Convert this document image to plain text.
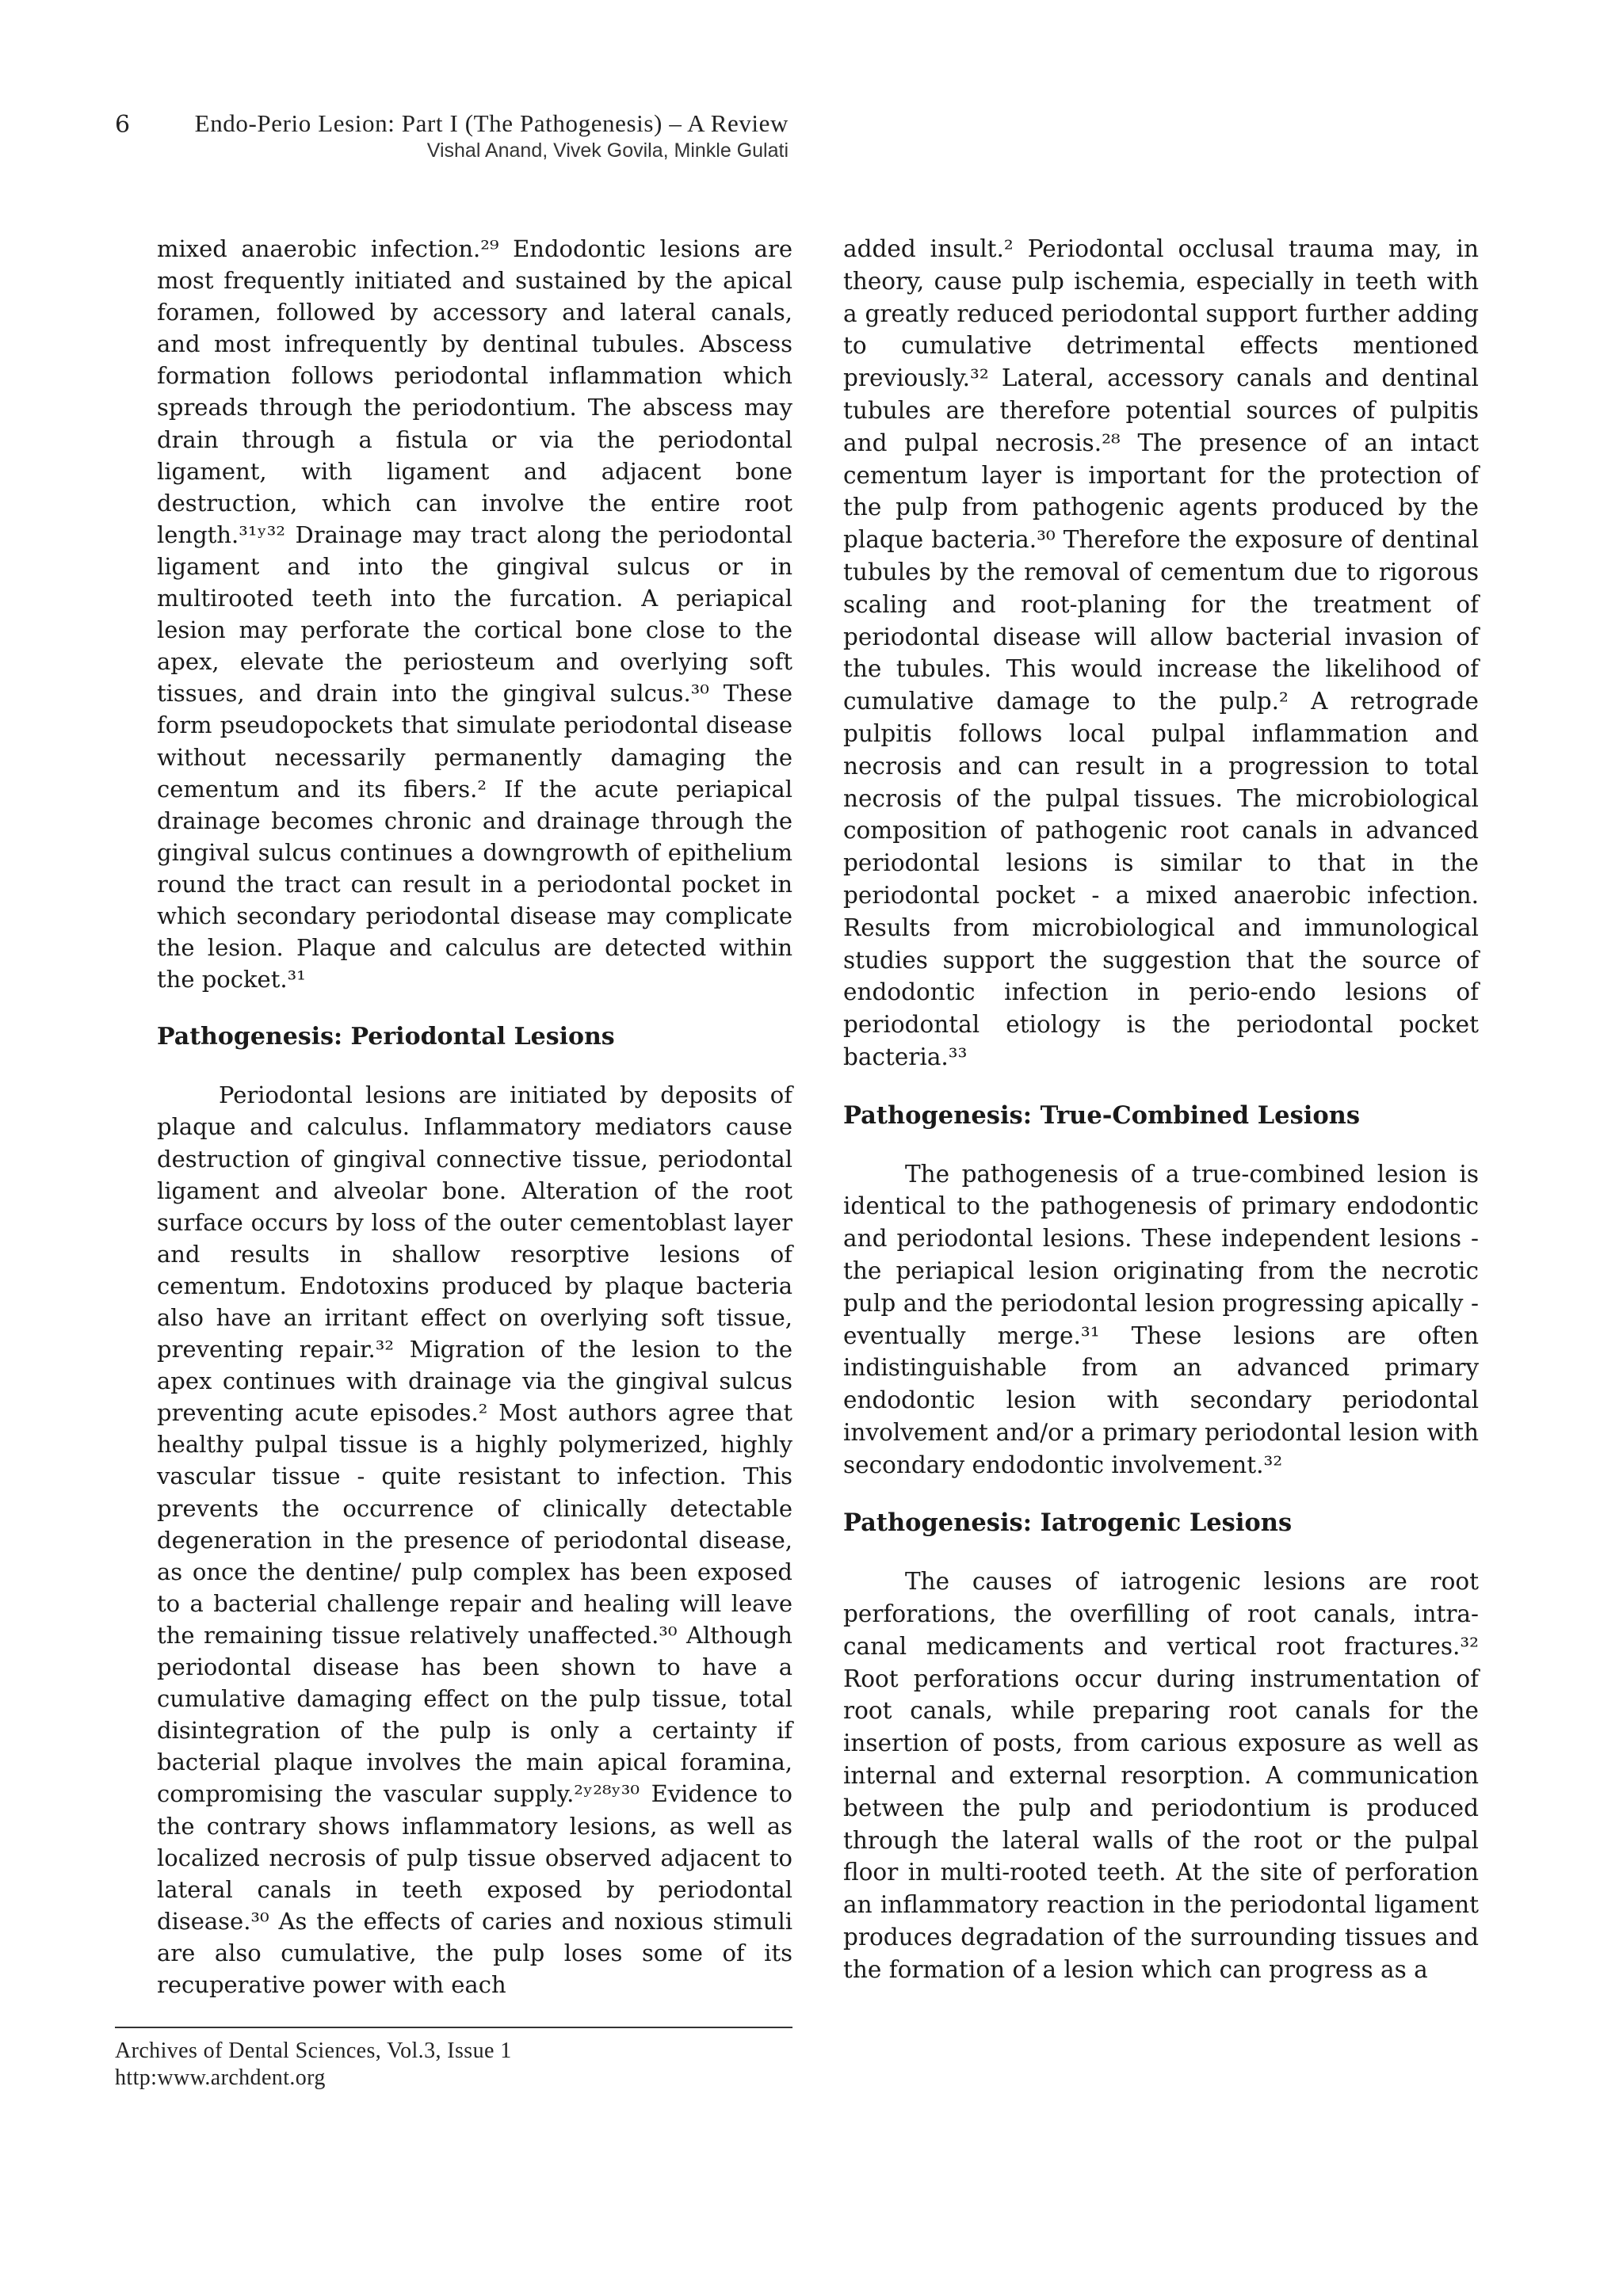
6	Endo-Perio Lesion: Part I (The Pathogenesis) – A Review
Vishal Anand, Vivek Govila, Minkle Gulati

mixed anaerobic infection.²⁹ Endodontic lesions are most frequently initiated and sustained by the apical foramen, followed by accessory and lateral canals, and most infrequently by dentinal tubules. Abscess formation follows periodontal inflammation which spreads through the periodontium. The abscess may drain through a fistula or via the periodontal ligament, with ligament and adjacent bone destruction, which can involve the entire root length.³¹ʸ³² Drainage may tract along the periodontal ligament and into the gingival sulcus or in multirooted teeth into the furcation. A periapical lesion may perforate the cortical bone close to the apex, elevate the periosteum and overlying soft tissues, and drain into the gingival sulcus.³⁰ These form pseudopockets that simulate periodontal disease without necessarily permanently damaging the cementum and its fibers.² If the acute periapical drainage becomes chronic and drainage through the gingival sulcus continues a downgrowth of epithelium round the tract can result in a periodontal pocket in which secondary periodontal disease may complicate the lesion. Plaque and calculus are detected within the pocket.³¹

Pathogenesis: Periodontal Lesions

Periodontal lesions are initiated by deposits of plaque and calculus. Inflammatory mediators cause destruction of gingival connective tissue, periodontal ligament and alveolar bone. Alteration of the root surface occurs by loss of the outer cementoblast layer and results in shallow resorptive lesions of cementum. Endotoxins produced by plaque bacteria also have an irritant effect on overlying soft tissue, preventing repair.³² Migration of the lesion to the apex continues with drainage via the gingival sulcus preventing acute episodes.² Most authors agree that healthy pulpal tissue is a highly polymerized, highly vascular tissue - quite resistant to infection. This prevents the occurrence of clinically detectable degeneration in the presence of periodontal disease, as once the dentine/ pulp complex has been exposed to a bacterial challenge repair and healing will leave the remaining tissue relatively unaffected.³⁰ Although periodontal disease has been shown to have a cumulative damaging effect on the pulp tissue, total disintegration of the pulp is only a certainty if bacterial plaque involves the main apical foramina, compromising the vascular supply.²ʸ²⁸ʸ³⁰ Evidence to the contrary shows inflammatory lesions, as well as localized necrosis of pulp tissue observed adjacent to lateral canals in teeth exposed by periodontal disease.³⁰ As the effects of caries and noxious stimuli are also cumulative, the pulp loses some of its recuperative power with each

added insult.² Periodontal occlusal trauma may, in theory, cause pulp ischemia, especially in teeth with a greatly reduced periodontal support further adding to cumulative detrimental effects mentioned previously.³² Lateral, accessory canals and dentinal tubules are therefore potential sources of pulpitis and pulpal necrosis.²⁸ The presence of an intact cementum layer is important for the protection of the pulp from pathogenic agents produced by the plaque bacteria.³⁰ Therefore the exposure of dentinal tubules by the removal of cementum due to rigorous scaling and root-planing for the treatment of periodontal disease will allow bacterial invasion of the tubules. This would increase the likelihood of cumulative damage to the pulp.² A retrograde pulpitis follows local pulpal inflammation and necrosis and can result in a progression to total necrosis of the pulpal tissues. The microbiological composition of pathogenic root canals in advanced periodontal lesions is similar to that in the periodontal pocket - a mixed anaerobic infection. Results from microbiological and immunological studies support the suggestion that the source of endodontic infection in perio-endo lesions of periodontal etiology is the periodontal pocket bacteria.³³

Pathogenesis: True-Combined Lesions

The pathogenesis of a true-combined lesion is identical to the pathogenesis of primary endodontic and periodontal lesions. These independent lesions - the periapical lesion originating from the necrotic pulp and the periodontal lesion progressing apically - eventually merge.³¹ These lesions are often indistinguishable from an advanced primary endodontic lesion with secondary periodontal involvement and/or a primary periodontal lesion with secondary endodontic involvement.³²

Pathogenesis: Iatrogenic Lesions

The causes of iatrogenic lesions are root perforations, the overfilling of root canals, intra-canal medicaments and vertical root fractures.³² Root perforations occur during instrumentation of root canals, while preparing root canals for the insertion of posts, from carious exposure as well as internal and external resorption. A communication between the pulp and periodontium is produced through the lateral walls of the root or the pulpal floor in multi-rooted teeth. At the site of perforation an inflammatory reaction in the periodontal ligament produces degradation of the surrounding tissues and the formation of a lesion which can progress as a

Archives of Dental Sciences, Vol.3, Issue 1
http:www.archdent.org
